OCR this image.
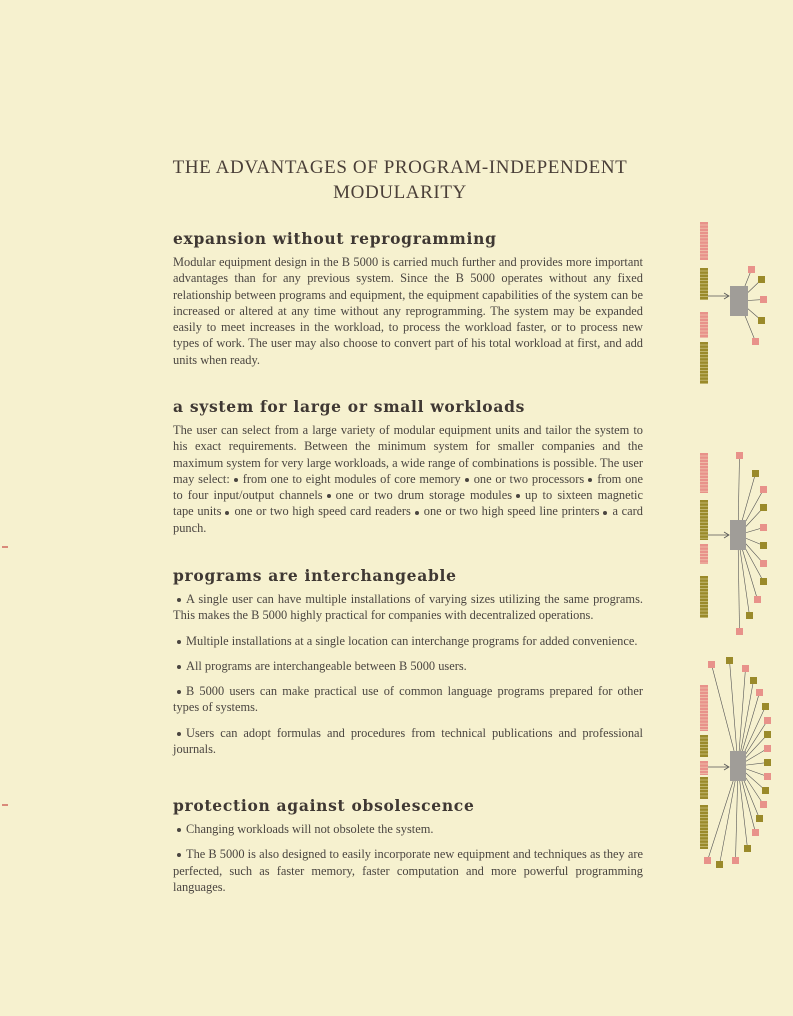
THE ADVANTAGES OF PROGRAM-INDEPENDENT
MODULARITY
expansion without reprogramming

Modular equipment design in the B 5000 is carried much further and provides more important advantages than for any previous system. Since the B 5000 operates without any fixed relationship between programs and equipment, the equipment capabilities of the system can be increased or altered at any time without any reprogramming. The system may be expanded easily to meet increases in the workload, to process the workload faster, or to process new types of work. The user may also choose to convert part of his total workload at first, and add units when ready.

a system for large or small workloads

The user can select from a large variety of modular equipment units and tailor the system to his exact requirements. Between the minimum system for smaller companies and the maximum system for very large workloads, a wide range of combinations is possible. The user may select: from one to eight modules of core memory one or two processors from one to four input/output channels one or two drum storage modules up to sixteen magnetic tape units one or two high speed card readers one or two high speed line printers a card punch.

programs are interchangeable

A single user can have multiple installations of varying sizes utilizing the same programs. This makes the B 5000 highly practical for companies with decentralized operations.

Multiple installations at a single location can interchange programs for added convenience.

All programs are interchangeable between B 5000 users.

B 5000 users can make practical use of common language programs prepared for other types of systems.

Users can adopt formulas and procedures from technical publications and professional journals.

protection against obsolescence

Changing workloads will not obsolete the system.

The B 5000 is also designed to easily incorporate new equipment and techniques as they are perfected, such as faster memory, faster computation and more powerful programming languages.
